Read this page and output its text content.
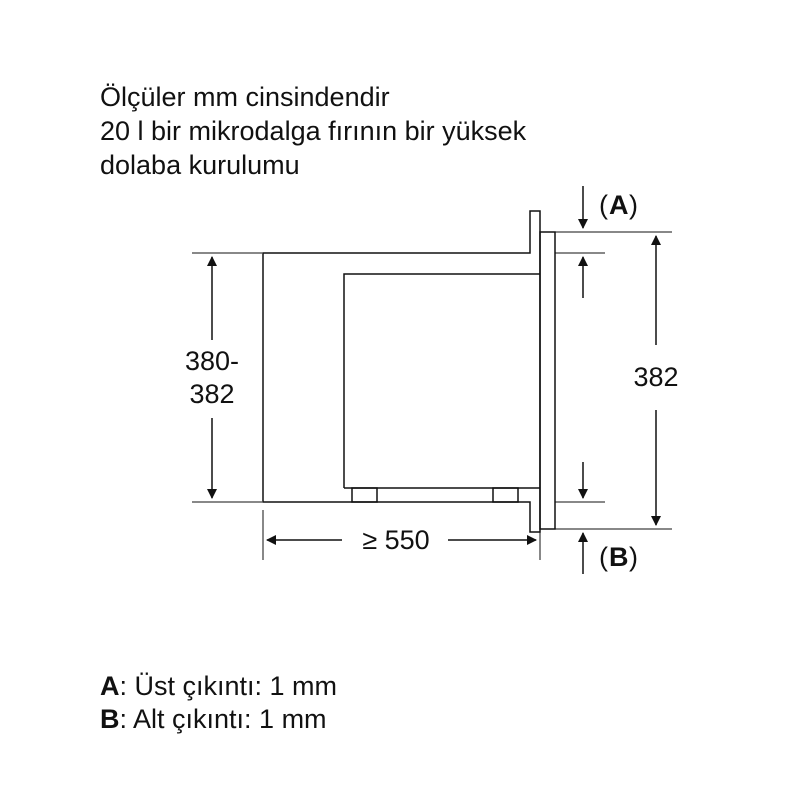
Ölçüler mm cinsindendir
20 l bir mikrodalga fırının bir yüksek
dolaba kurulumu
380-
382
≥ 550
382
( A )
( B )
A: Üst çıkıntı: 1 mm
B: Alt çıkıntı: 1 mm
